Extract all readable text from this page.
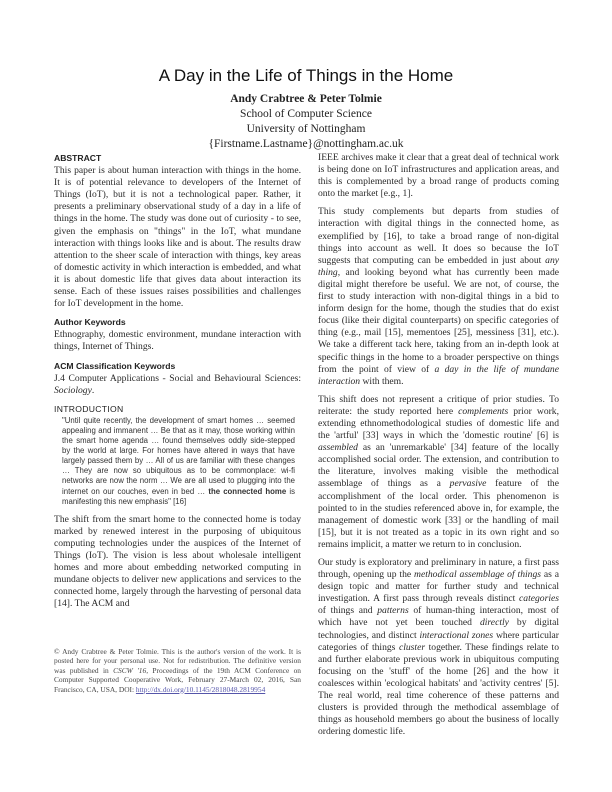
A Day in the Life of Things in the Home
Andy Crabtree & Peter Tolmie
School of Computer Science
University of Nottingham
{Firstname.Lastname}@nottingham.ac.uk
ABSTRACT

This paper is about human interaction with things in the home. It is of potential relevance to developers of the Internet of Things (IoT), but it is not a technological paper. Rather, it presents a preliminary observational study of a day in a life of things in the home. The study was done out of curiosity - to see, given the emphasis on "things" in the IoT, what mundane interaction with things looks like and is about. The results draw attention to the sheer scale of interaction with things, key areas of domestic activity in which interaction is embedded, and what it is about domestic life that gives data about interaction its sense. Each of these issues raises possibilities and challenges for IoT development in the home.

Author Keywords

Ethnography, domestic environment, mundane interaction with things, Internet of Things.

ACM Classification Keywords

J.4 Computer Applications - Social and Behavioural Sciences: Sociology.

INTRODUCTION
"Until quite recently, the development of smart homes … seemed appealing and immanent … Be that as it may, those working within the smart home agenda … found themselves oddly side-stepped by the world at large. For homes have altered in ways that have largely passed them by … All of us are familiar with these changes … They are now so ubiquitous as to be commonplace: wi-fi networks are now the norm … We are all used to plugging into the internet on our couches, even in bed … the connected home is manifesting this new emphasis" [16]

The shift from the smart home to the connected home is today marked by renewed interest in the purposing of ubiquitous computing technologies under the auspices of the Internet of Things (IoT). The vision is less about wholesale intelligent homes and more about embedding networked computing in mundane objects to deliver new applications and services to the connected home, largely through the harvesting of personal data [14]. The ACM and

© Andy Crabtree & Peter Tolmie. This is the author's version of the work. It is posted here for your personal use. Not for redistribution. The definitive version was published in CSCW '16, Proceedings of the 19th ACM Conference on Computer Supported Cooperative Work, February 27-March 02, 2016, San Francisco, CA, USA, DOI: http://dx.doi.org/10.1145/2818048.2819954

IEEE archives make it clear that a great deal of technical work is being done on IoT infrastructures and application areas, and this is complemented by a broad range of products coming onto the market [e.g., 1].

This study complements but departs from studies of interaction with digital things in the connected home, as exemplified by [16], to take a broad range of non-digital things into account as well. It does so because the IoT suggests that computing can be embedded in just about any thing, and looking beyond what has currently been made digital might therefore be useful. We are not, of course, the first to study interaction with non-digital things in a bid to inform design for the home, though the studies that do exist focus (like their digital counterparts) on specific categories of thing (e.g., mail [15], mementoes [25], messiness [31], etc.). We take a different tack here, taking from an in-depth look at specific things in the home to a broader perspective on things from the point of view of a day in the life of mundane interaction with them.

This shift does not represent a critique of prior studies. To reiterate: the study reported here complements prior work, extending ethnomethodological studies of domestic life and the 'artful' [33] ways in which the 'domestic routine' [6] is assembled as an 'unremarkable' [34] feature of the locally accomplished social order. The extension, and contribution to the literature, involves making visible the methodical assemblage of things as a pervasive feature of the accomplishment of the local order. This phenomenon is pointed to in the studies referenced above in, for example, the management of domestic work [33] or the handling of mail [15], but it is not treated as a topic in its own right and so remains implicit, a matter we return to in conclusion.

Our study is exploratory and preliminary in nature, a first pass through, opening up the methodical assemblage of things as a design topic and matter for further study and technical investigation. A first pass through reveals distinct categories of things and patterns of human-thing interaction, most of which have not yet been touched directly by digital technologies, and distinct interactional zones where particular categories of things cluster together. These findings relate to and further elaborate previous work in ubiquitous computing focusing on the 'stuff' of the home [26] and the how it coalesces within 'ecological habitats' and 'activity centres' [5]. The real world, real time coherence of these patterns and clusters is provided through the methodical assemblage of things as household members go about the business of locally ordering domestic life.
